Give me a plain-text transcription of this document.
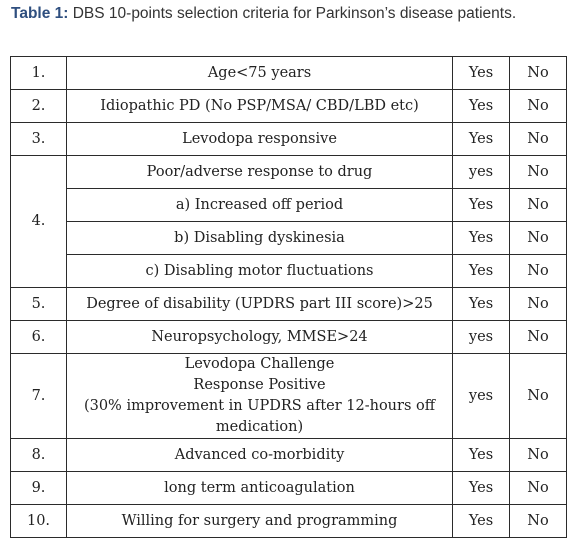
Table 1: DBS 10-points selection criteria for Parkinson’s disease patients.
1.	Age<75 years	Yes	No
2.	Idiopathic PD (No PSP/MSA/ CBD/LBD etc)	Yes	No
3.	Levodopa responsive	Yes	No
4.	Poor/adverse response to drug	yes	No
	a) Increased off period	Yes	No
	b) Disabling dyskinesia	Yes	No
	c) Disabling motor fluctuations	Yes	No
5.	Degree of disability (UPDRS part III score)>25	Yes	No
6.	Neuropsychology, MMSE>24	yes	No
7.	Levodopa Challenge
Response Positive
(30% improvement in UPDRS after 12-hours off medication)	yes	No
8.	Advanced co-morbidity	Yes	No
9.	long term anticoagulation	Yes	No
10.	Willing for surgery and programming	Yes	No
